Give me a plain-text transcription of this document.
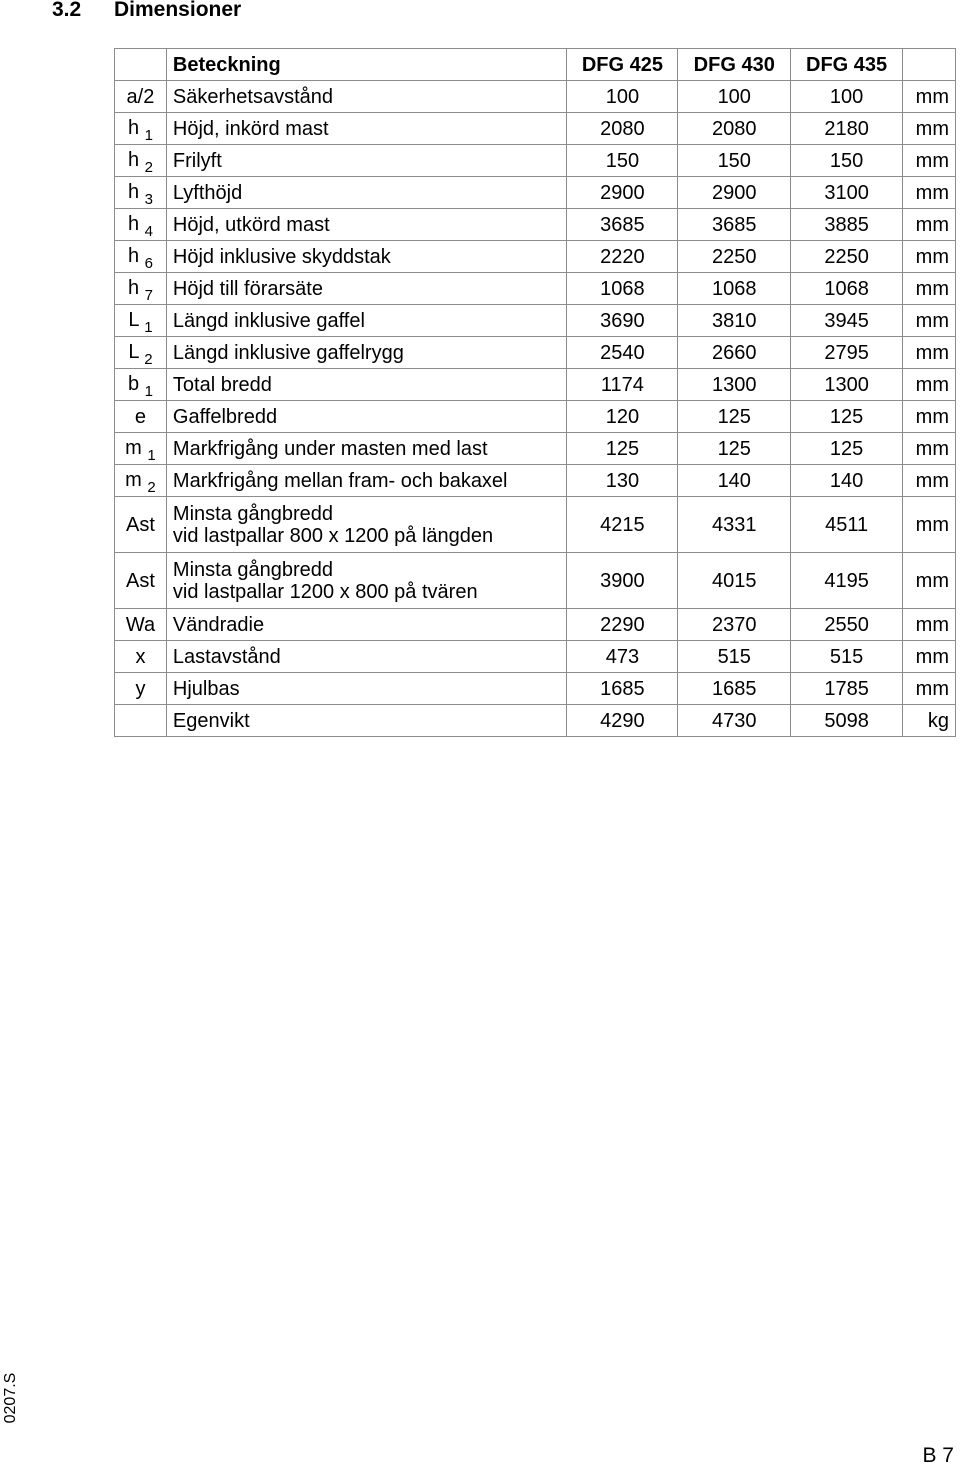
3.2 Dimensioner
	Beteckning	DFG 425	DFG 430	DFG 435	
a/2	Säkerhetsavstånd	100	100	100	mm
h $_1$	Höjd, inkörd mast	2080	2080	2180	mm
h $_2$	Frilyft	150	150	150	mm
h $_3$	Lyfthöjd	2900	2900	3100	mm
h $_4$	Höjd, utkörd mast	3685	3685	3885	mm
h $_6$	Höjd inklusive skyddstak	2220	2250	2250	mm
h $_7$	Höjd till förarsäte	1068	1068	1068	mm
L $_1$	Längd inklusive gaffel	3690	3810	3945	mm
L $_2$	Längd inklusive gaffelrygg	2540	2660	2795	mm
b $_1$	Total bredd	1174	1300	1300	mm
e	Gaffelbredd	120	125	125	mm
m $_1$	Markfrigång under masten med last	125	125	125	mm
m $_2$	Markfrigång mellan fram- och bakaxel	130	140	140	mm
Ast	Minsta gångbredd
vid lastpallar 800 x 1200 på längden	4215	4331	4511	mm
Ast	Minsta gångbredd
vid lastpallar 1200 x 800 på tvären	3900	4015	4195	mm
Wa	Vändradie	2290	2370	2550	mm
x	Lastavstånd	473	515	515	mm
y	Hjulbas	1685	1685	1785	mm

	Egenvikt	4290	4730	5098	kg
0207.S
B 7
